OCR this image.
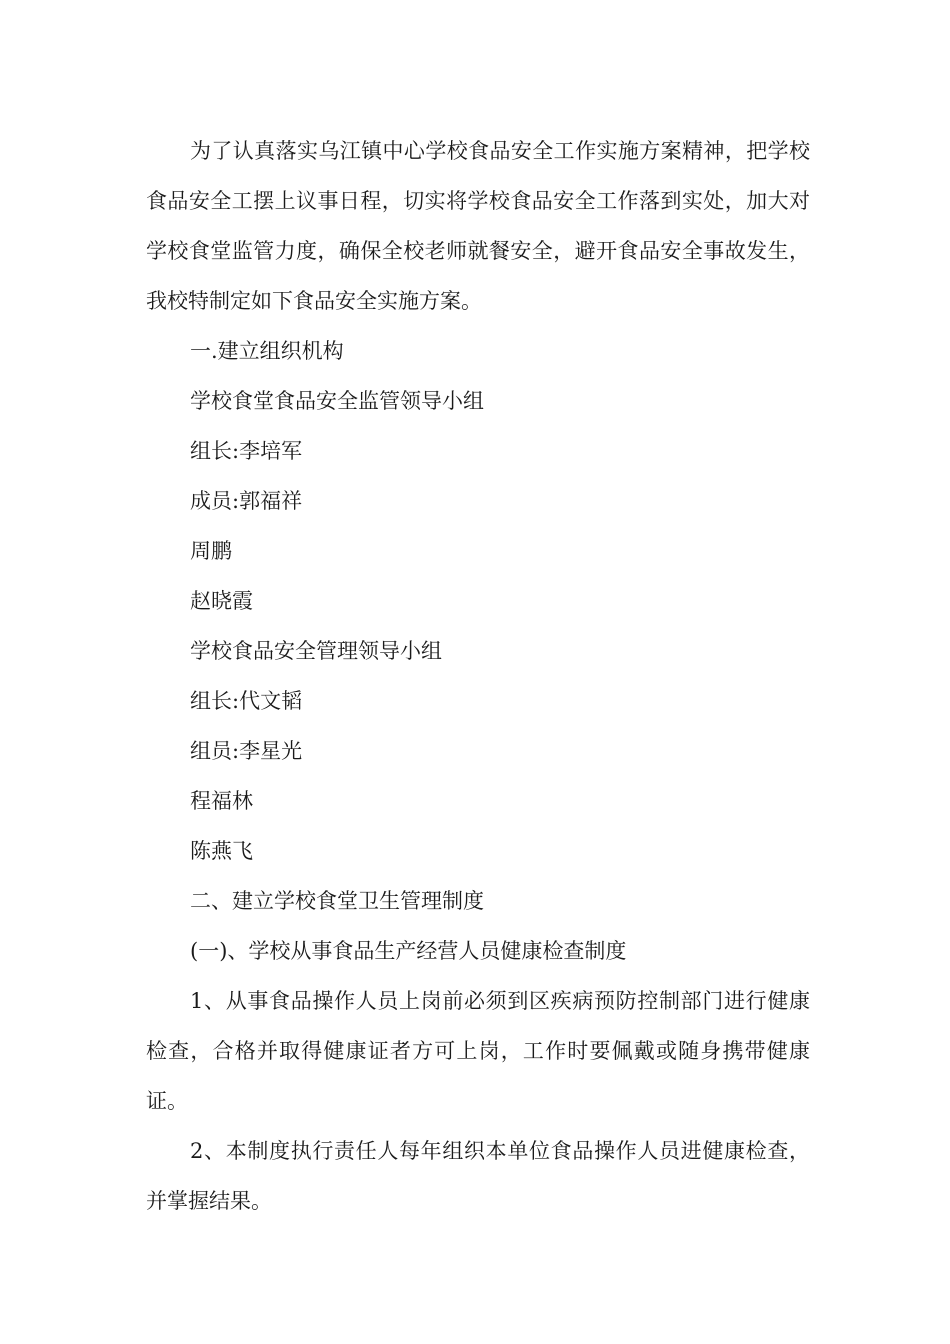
为了认真落实乌江镇中心学校食品安全工作实施方案精神，把学校食品安全工摆上议事日程，切实将学校食品安全工作落到实处，加大对学校食堂监管力度，确保全校老师就餐安全，避开食品安全事故发生，我校特制定如下食品安全实施方案。

一.建立组织机构

学校食堂食品安全监管领导小组

组长:李培军

成员:郭福祥

周鹏

赵晓霞

学校食品安全管理领导小组

组长:代文韬

组员:李星光

程福林

陈燕飞

二、建立学校食堂卫生管理制度

(一)、学校从事食品生产经营人员健康检查制度

1、从事食品操作人员上岗前必须到区疾病预防控制部门进行健康检查，合格并取得健康证者方可上岗，工作时要佩戴或随身携带健康证。

2、本制度执行责任人每年组织本单位食品操作人员进健康检查，并掌握结果。
